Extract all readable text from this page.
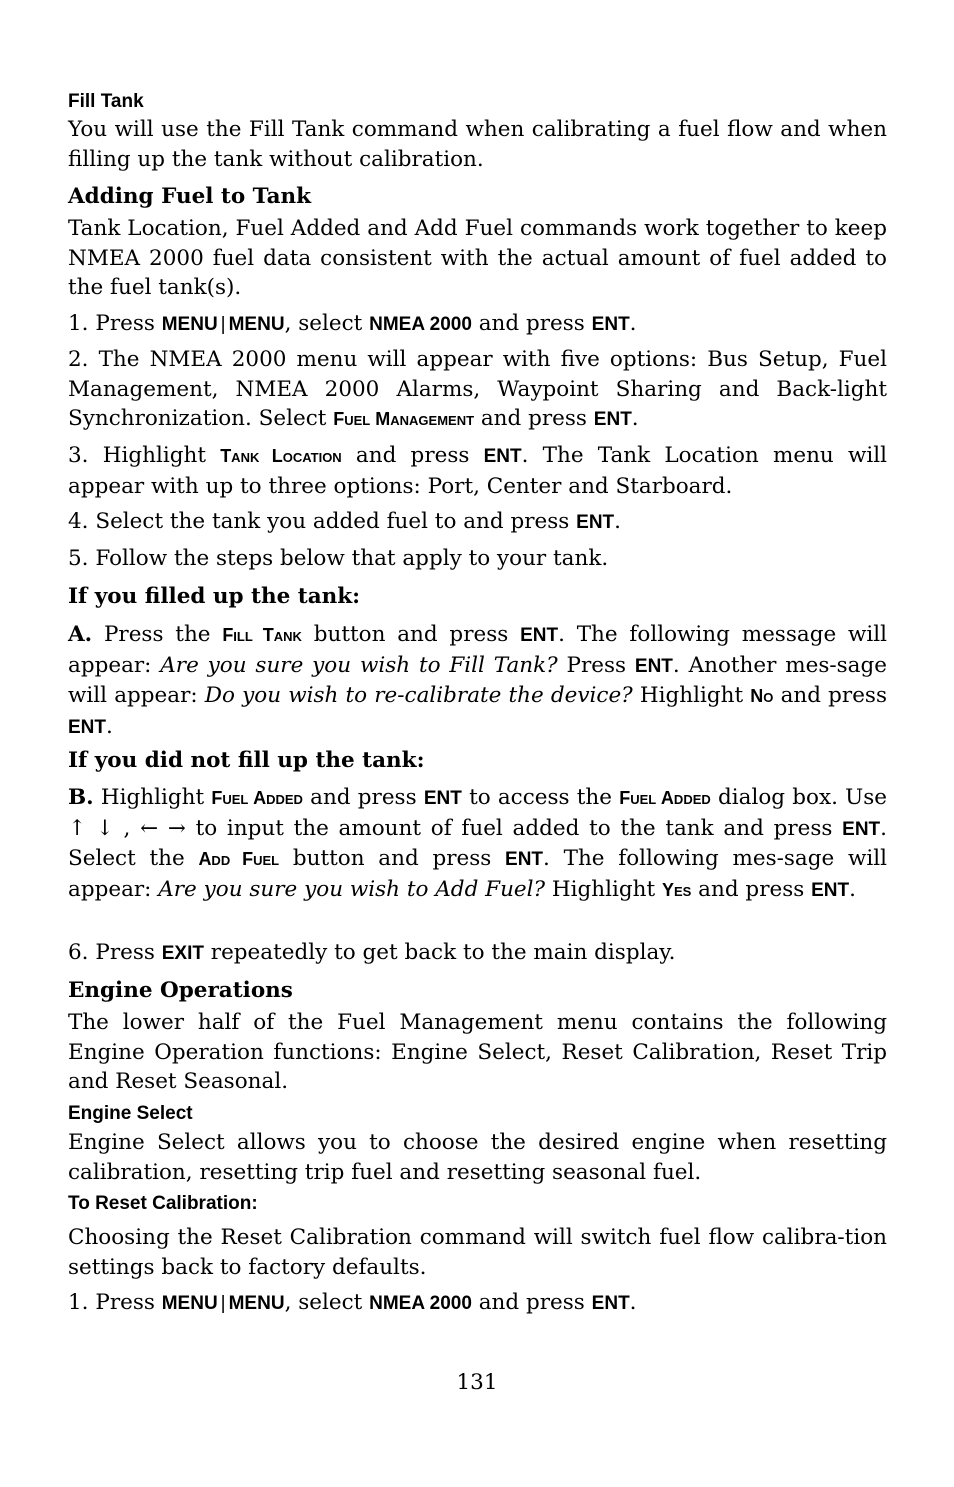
Fill Tank

You will use the Fill Tank command when calibrating a fuel flow and when filling up the tank without calibration.

Adding Fuel to Tank

Tank Location, Fuel Added and Add Fuel commands work together to keep NMEA 2000 fuel data consistent with the actual amount of fuel added to the fuel tank(s).

1. Press MENU | MENU, select NMEA 2000 and press ENT.

2. The NMEA 2000 menu will appear with five options: Bus Setup, Fuel Management, NMEA 2000 Alarms, Waypoint Sharing and Back-light Synchronization. Select Fuel Management and press ENT.

3. Highlight Tank Location and press ENT. The Tank Location menu will appear with up to three options: Port, Center and Starboard.

4. Select the tank you added fuel to and press ENT.

5. Follow the steps below that apply to your tank.

If you filled up the tank:

A. Press the Fill Tank button and press ENT. The following message will appear: Are you sure you wish to Fill Tank? Press ENT. Another mes-sage will appear: Do you wish to re-calibrate the device? Highlight No and press ENT.

If you did not fill up the tank:

B. Highlight Fuel Added and press ENT to access the Fuel Added dialog box. Use ↑ ↓ , ← → to input the amount of fuel added to the tank and press ENT. Select the Add Fuel button and press ENT. The following mes-sage will appear: Are you sure you wish to Add Fuel? Highlight Yes and press ENT.

6. Press EXIT repeatedly to get back to the main display.

Engine Operations

The lower half of the Fuel Management menu contains the following Engine Operation functions: Engine Select, Reset Calibration, Reset Trip and Reset Seasonal.

Engine Select

Engine Select allows you to choose the desired engine when resetting calibration, resetting trip fuel and resetting seasonal fuel.

To Reset Calibration:

Choosing the Reset Calibration command will switch fuel flow calibra-tion settings back to factory defaults.

1. Press MENU | MENU, select NMEA 2000 and press ENT.

131
